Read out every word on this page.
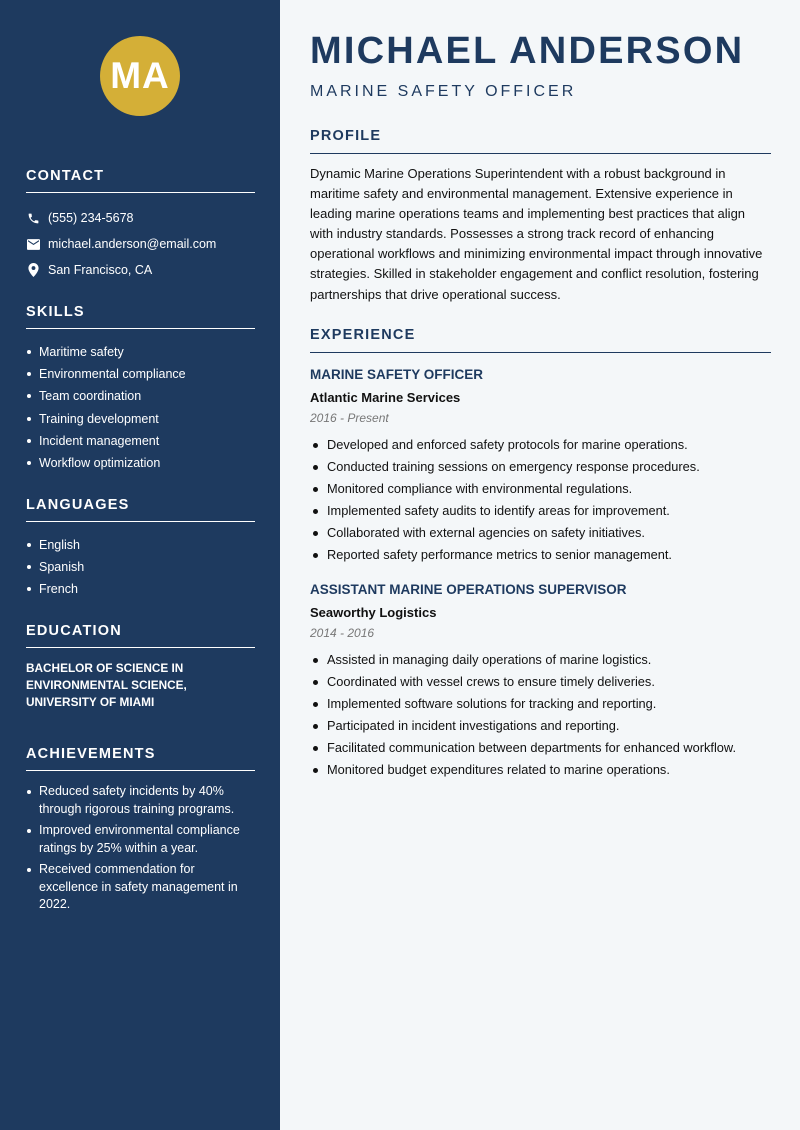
MA
CONTACT
(555) 234-5678
michael.anderson@email.com
San Francisco, CA
SKILLS
Maritime safety
Environmental compliance
Team coordination
Training development
Incident management
Workflow optimization
LANGUAGES
English
Spanish
French
EDUCATION
BACHELOR OF SCIENCE IN ENVIRONMENTAL SCIENCE, UNIVERSITY OF MIAMI
ACHIEVEMENTS
Reduced safety incidents by 40% through rigorous training programs.
Improved environmental compliance ratings by 25% within a year.
Received commendation for excellence in safety management in 2022.
MICHAEL ANDERSON
MARINE SAFETY OFFICER
PROFILE

Dynamic Marine Operations Superintendent with a robust background in maritime safety and environmental management. Extensive experience in leading marine operations teams and implementing best practices that align with industry standards. Possesses a strong track record of enhancing operational workflows and minimizing environmental impact through innovative strategies. Skilled in stakeholder engagement and conflict resolution, fostering partnerships that drive operational success.

EXPERIENCE
MARINE SAFETY OFFICER
Atlantic Marine Services
2016 - Present
Developed and enforced safety protocols for marine operations.
Conducted training sessions on emergency response procedures.
Monitored compliance with environmental regulations.
Implemented safety audits to identify areas for improvement.
Collaborated with external agencies on safety initiatives.
Reported safety performance metrics to senior management.
ASSISTANT MARINE OPERATIONS SUPERVISOR
Seaworthy Logistics
2014 - 2016
Assisted in managing daily operations of marine logistics.
Coordinated with vessel crews to ensure timely deliveries.
Implemented software solutions for tracking and reporting.
Participated in incident investigations and reporting.
Facilitated communication between departments for enhanced workflow.
Monitored budget expenditures related to marine operations.
